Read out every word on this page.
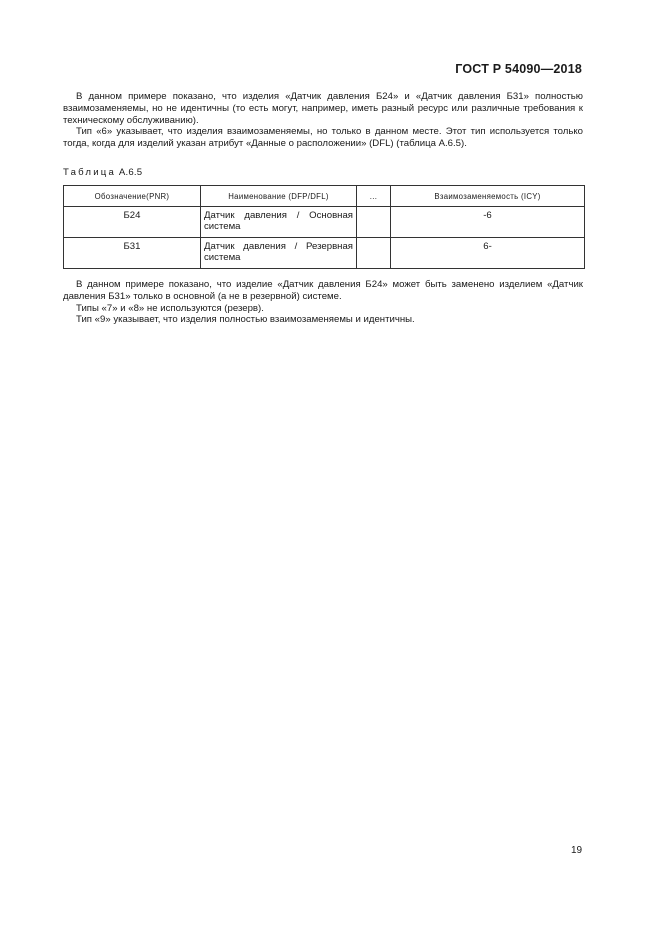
ГОСТ Р 54090—2018

В данном примере показано, что изделия «Датчик давления Б24» и «Датчик давления Б31» полностью взаимозаменяемы, но не идентичны (то есть могут, например, иметь разный ресурс или различные требования к техническому обслуживанию).

Тип «6» указывает, что изделия взаимозаменяемы, но только в данном месте. Этот тип используется только тогда, когда для изделий указан атрибут «Данные о расположении» (DFL) (таблица А.6.5).

Таблица А.6.5
Обозначение(PNR)	Наименование (DFP/DFL)	...	Взаимозаменяемость (ICY)
Б24	Датчик давления / Основная система		-6
Б31	Датчик давления / Резервная система		6-

В данном примере показано, что изделие «Датчик давления Б24» может быть заменено изделием «Датчик давления Б31» только в основной (а не в резервной) системе.

Типы «7» и «8» не используются (резерв).

Тип «9» указывает, что изделия полностью взаимозаменяемы и идентичны.

19
